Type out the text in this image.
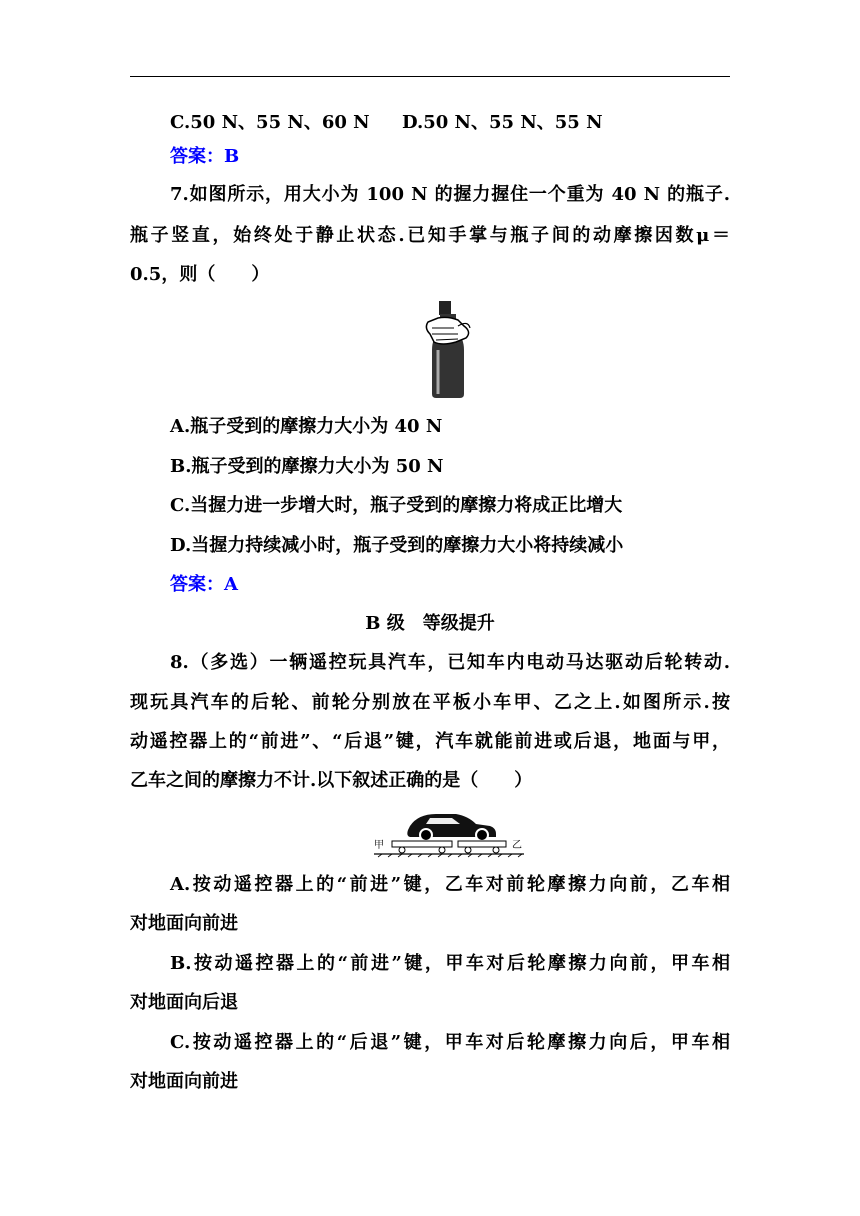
C.50 N、55 N、60 N D.50 N、55 N、55 N
答案：B
7.如图所示，用大小为 100 N 的握力握住一个重为 40 N 的瓶子.
瓶子竖直，始终处于静止状态.已知手掌与瓶子间的动摩擦因数μ＝
0.5，则（　　）
A.瓶子受到的摩擦力大小为 40 N
B.瓶子受到的摩擦力大小为 50 N
C.当握力进一步增大时，瓶子受到的摩擦力将成正比增大
D.当握力持续减小时，瓶子受到的摩擦力大小将持续减小
答案：A
B 级　等级提升
8.（多选）一辆遥控玩具汽车，已知车内电动马达驱动后轮转动.
现玩具汽车的后轮、前轮分别放在平板小车甲、乙之上.如图所示.按
动遥控器上的“前进”、“后退”键，汽车就能前进或后退，地面与甲，
乙车之间的摩擦力不计.以下叙述正确的是（　　）
甲	乙
A.按动遥控器上的“前进”键，乙车对前轮摩擦力向前，乙车相
对地面向前进
B.按动遥控器上的“前进”键，甲车对后轮摩擦力向前，甲车相
对地面向后退
C.按动遥控器上的“后退”键，甲车对后轮摩擦力向后，甲车相
对地面向前进
